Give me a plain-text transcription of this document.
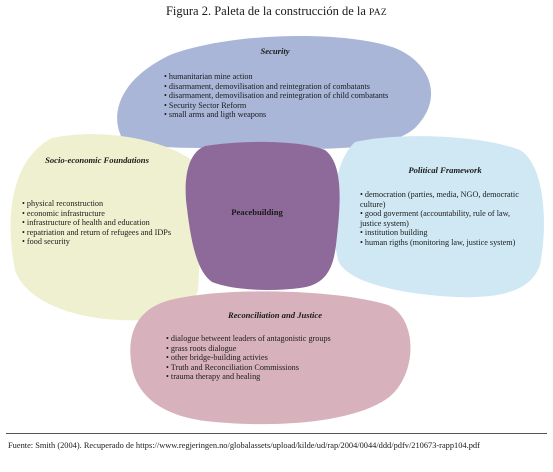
Figura 2. Paleta de la construcción de la PAZ
Security
• humanitarian mine action
• disarmament, demovilisation and reintegration of combatants
• disarmament, demovilisation and reintegration of child combatants
• Security Sector Reform
• small arms and ligth weapons
Socio-economic Foundations
• physical reconstruction
• economic infrastructure
• infrastructure of health and education
• repatriation and return of refugees and IDPs
• food security
Peacebuilding
Political Framework
• democration (parties, media, NGO, democratic culture)
• good goverment (accountability, rule of law, justice system)
• institution building
• human rigths (monitoring law, justice system)
Reconciliation and Justice
• dialogue betweent leaders of antagonistic groups
• grass roots dialogue
• other bridge-building activies
• Truth and Reconciliation Commissions
• trauma therapy and healing
Fuente: Smith (2004). Recuperado de https://www.regjeringen.no/globalassets/upload/kilde/ud/rap/2004/0044/ddd/pdfv/210673-rapp104.pdf
